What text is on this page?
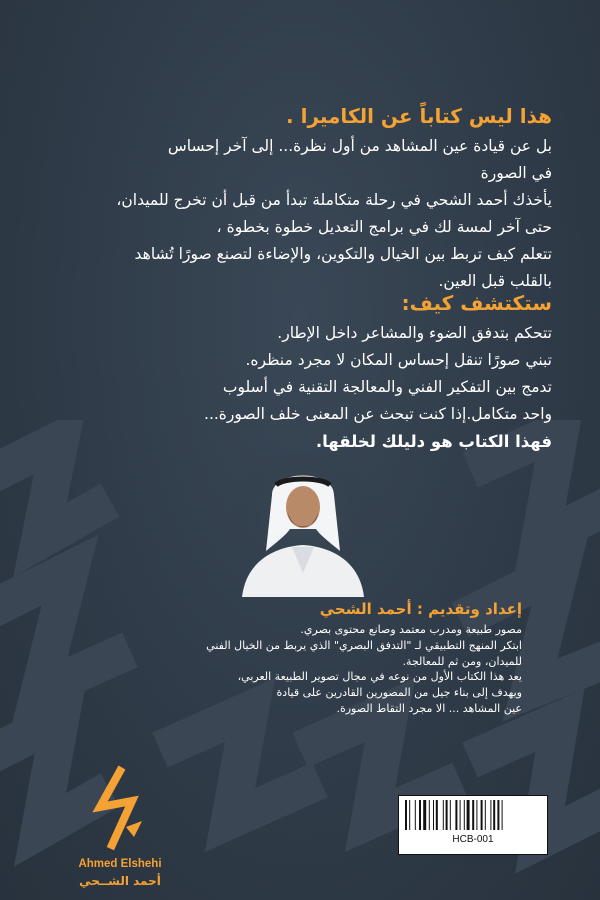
هذا ليس كتاباً عن الكاميرا .

بل عن قيادة عين المشاهد من أول نظرة... إلى آخر إحساس
في الصورة
يأخذك أحمد الشحي في رحلة متكاملة تبدأ من قبل أن تخرج للميدان،
حتى آخر لمسة لك في برامج التعديل خطوة بخطوة ،
تتعلم كيف تربط بين الخيال والتكوين، والإضاءة لتصنع صورًا تُشاهد
بالقلب قبل العين.

ستكتشف كيف:

تتحكم بتدفق الضوء والمشاعر داخل الإطار.
تبني صورًا تنقل إحساس المكان لا مجرد منظره.
تدمج بين التفكير الفني والمعالجة التقنية في أسلوب
واحد متكامل.إذا كنت تبحث عن المعنى خلف الصورة...
فهذا الكتاب هو دليلك لخلقها.

إعداد وتقديم : أحمد الشحي
مصور طبيعة ومدرب معتمد وصانع محتوى بصري.
ابتكر المنهج التطبيقي لـ "التدفق البصري" الذي يربط من الخيال الفني
للميدان، ومن ثم للمعالجة.
يعد هذا الكتاب الأول من نوعه في مجال تصوير الطبيعة العربي،
ويهدف إلى بناء جيل من المصورين القادرين على قيادة
عين المشاهد ... الا مجرد التقاط الصورة.
Ahmed Elshehi
أحمد الشــحي
HCB-001
